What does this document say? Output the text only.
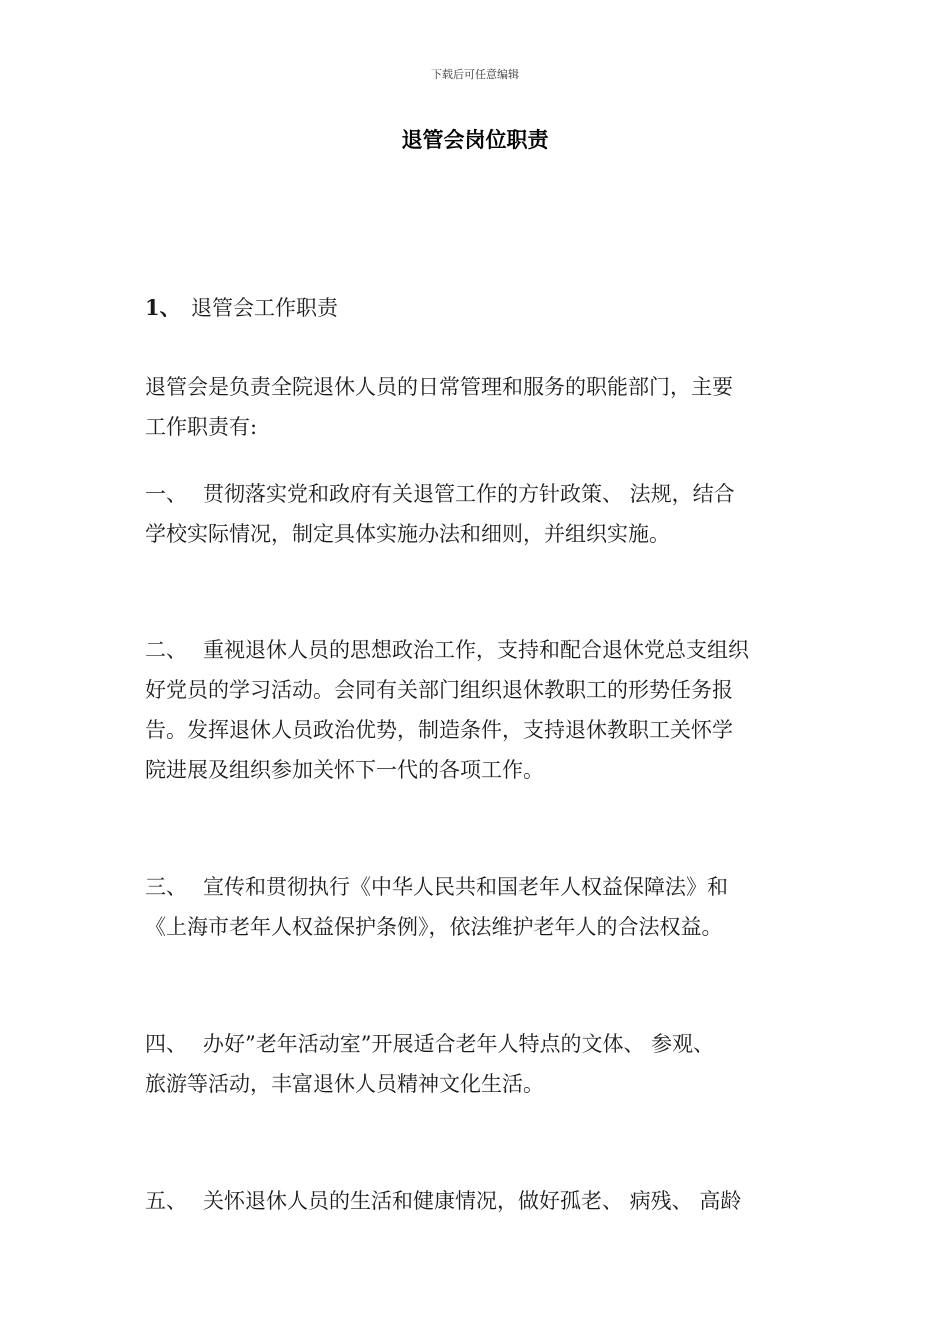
下载后可任意编辑
退管会岗位职责

1、 退管会工作职责

退管会是负责全院退休人员的日常管理和服务的职能部门，主要

工作职责有:

一、 贯彻落实党和政府有关退管工作的方针政策、 法规，结合

学校实际情况，制定具体实施办法和细则，并组织实施。

二、 重视退休人员的思想政治工作，支持和配合退休党总支组织

好党员的学习活动。会同有关部门组织退休教职工的形势任务报

告。发挥退休人员政治优势，制造条件，支持退休教职工关怀学

院进展及组织参加关怀下一代的各项工作。

三、 宣传和贯彻执行《中华人民共和国老年人权益保障法》和

《上海市老年人权益保护条例》，依法维护老年人的合法权益。

四、 办好”老年活动室”开展适合老年人特点的文体、 参观、

旅游等活动，丰富退休人员精神文化生活。

五、 关怀退休人员的生活和健康情况，做好孤老、 病残、 高龄
